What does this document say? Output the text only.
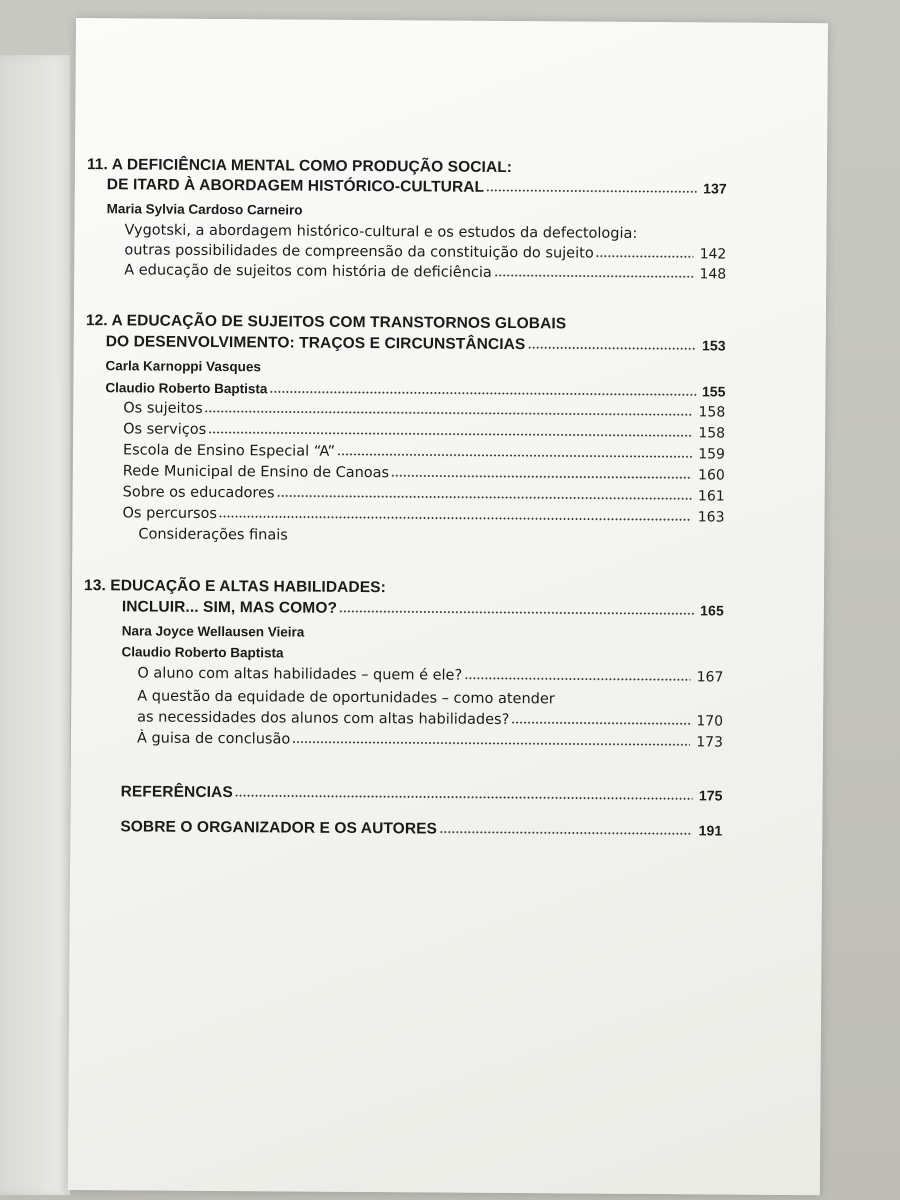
11. A DEFICIÊNCIA MENTAL COMO PRODUÇÃO SOCIAL:
DE ITARD À ABORDAGEM HISTÓRICO-CULTURAL	137
Maria Sylvia Cardoso Carneiro
Vygotski, a abordagem histórico-cultural e os estudos da defectologia:
outras possibilidades de compreensão da constituição do sujeito	142
A educação de sujeitos com história de deficiência	148
12. A EDUCAÇÃO DE SUJEITOS COM TRANSTORNOS GLOBAIS
DO DESENVOLVIMENTO: TRAÇOS E CIRCUNSTÂNCIAS	153
Carla Karnoppi Vasques
Claudio Roberto Baptista	155
Os sujeitos	158
Os serviços	158
Escola de Ensino Especial “A”	159
Rede Municipal de Ensino de Canoas	160
Sobre os educadores	161
Os percursos	163
Considerações finais
13. EDUCAÇÃO E ALTAS HABILIDADES:
INCLUIR... SIM, MAS COMO?	165
Nara Joyce Wellausen Vieira
Claudio Roberto Baptista
O aluno com altas habilidades – quem é ele?	167
A questão da equidade de oportunidades – como atender
as necessidades dos alunos com altas habilidades?	170
À guisa de conclusão	173
REFERÊNCIAS	175
SOBRE O ORGANIZADOR E OS AUTORES	191
